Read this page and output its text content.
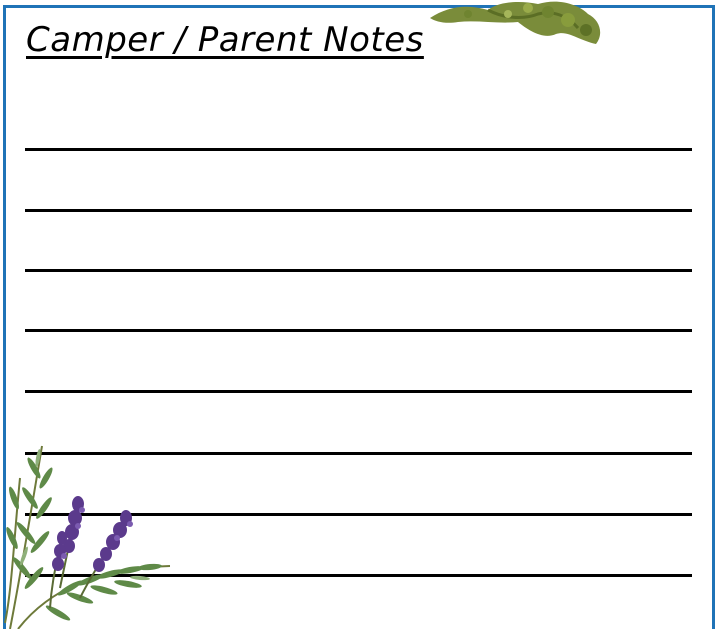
Camper / Parent Notes
